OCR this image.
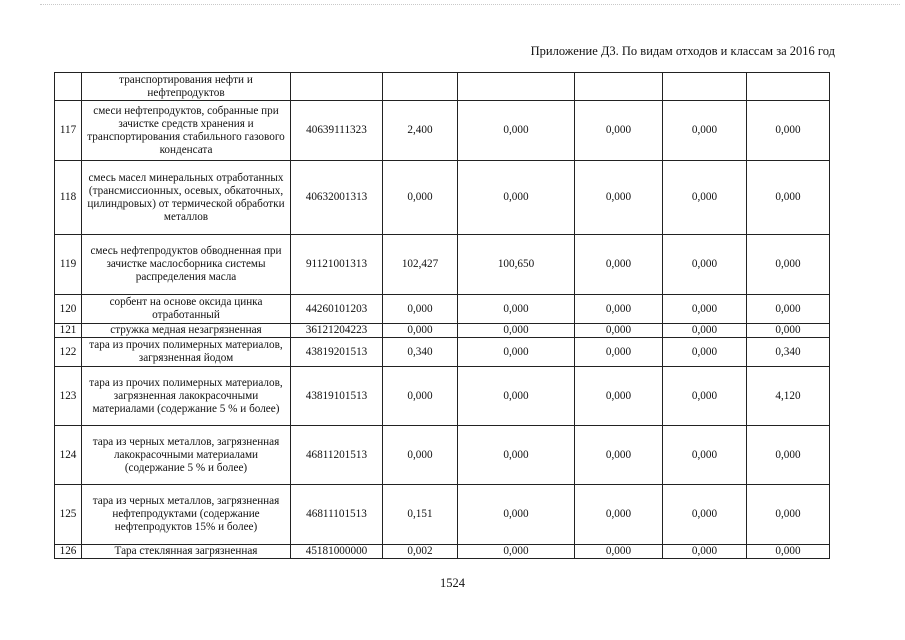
Приложение Д3. По видам отходов и классам за 2016 год
	транспортирования нефти и нефтепродуктов						
117	смеси нефтепродуктов, собранные при зачистке средств хранения и транспортирования стабильного газового конденсата	40639111323	2,400	0,000	0,000	0,000	0,000
118	смесь масел минеральных отработанных (трансмиссионных, осевых, обкаточных, цилиндровых) от термической обработки металлов	40632001313	0,000	0,000	0,000	0,000	0,000
119	смесь нефтепродуктов обводненная при зачистке маслосборника системы распределения масла	91121001313	102,427	100,650	0,000	0,000	0,000
120	сорбент на основе оксида цинка отработанный	44260101203	0,000	0,000	0,000	0,000	0,000
121	стружка медная незагрязненная	36121204223	0,000	0,000	0,000	0,000	0,000
122	тара из прочих полимерных материалов, загрязненная йодом	43819201513	0,340	0,000	0,000	0,000	0,340
123	тара из прочих полимерных материалов, загрязненная лакокрасочными материалами (содержание 5 % и более)	43819101513	0,000	0,000	0,000	0,000	4,120
124	тара из черных металлов, загрязненная лакокрасочными материалами (содержание 5 % и более)	46811201513	0,000	0,000	0,000	0,000	0,000
125	тара из черных металлов, загрязненная нефтепродуктами (содержание нефтепродуктов 15% и более)	46811101513	0,151	0,000	0,000	0,000	0,000
126	Тара стеклянная загрязненная	45181000000	0,002	0,000	0,000	0,000	0,000
1524
